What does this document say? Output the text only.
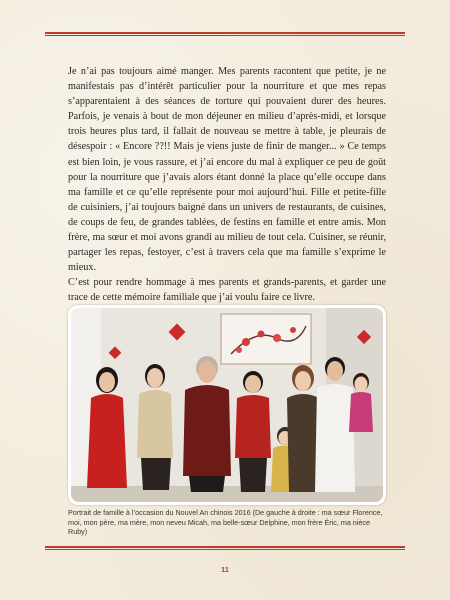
Je n’ai pas toujours aimé manger. Mes parents racontent que petite, je ne manifestais pas d’intérêt particulier pour la nourriture et que mes repas s’apparentaient à des séances de torture qui pouvaient durer des heures. Parfois, je venais à bout de mon déjeuner en milieu d’après-midi, et lorsque trois heures plus tard, il fallait de nouveau se mettre à table, je pleurais de désespoir : « Encore ??!! Mais je viens juste de finir de manger... » Ce temps est bien loin, je vous rassure, et j’ai encore du mal à expliquer ce peu de goût pour la nourriture que j’avais alors étant donné la place qu’elle occupe dans ma famille et ce qu’elle représente pour moi aujourd’hui. Fille et petite-fille de cuisiniers, j’ai toujours baigné dans un univers de restaurants, de cuisines, de coups de feu, de grandes tablées, de festins en famille et entre amis. Mon frère, ma sœur et moi avons grandi au milieu de tout cela. Cuisiner, se réunir, partager les repas, festoyer, c’est à travers cela que ma famille s’exprime le mieux.

C’est pour rendre hommage à mes parents et grands-parents, et garder une trace de cette mémoire familiale que j’ai voulu faire ce livre.

Portrait de famille à l’occasion du Nouvel An chinois 2016 (De gauche à droite : ma sœur Florence, moi, mon père, ma mère, mon neveu Micah, ma belle-sœur Delphine, mon frère Éric, ma nièce Ruby)
11
